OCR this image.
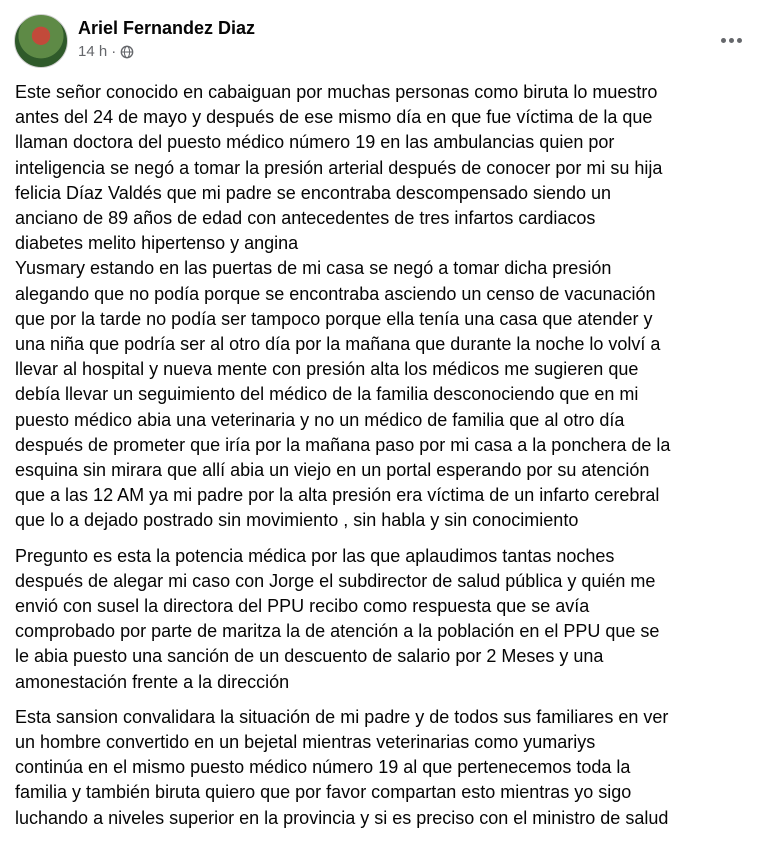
Ariel Fernandez Diaz
14 h ·

Este señor conocido en cabaiguan por muchas personas como biruta lo muestro
antes del 24 de mayo y después de ese mismo día en que fue víctima de la que
llaman doctora del puesto médico número 19 en las ambulancias quien por
inteligencia se negó a tomar la presión arterial después de conocer por mi su hija
felicia Díaz Valdés que mi padre se encontraba descompensado siendo un
anciano de 89 años de edad con antecedentes de tres infartos cardiacos
diabetes melito hipertenso y angina
Yusmary estando en las puertas de mi casa se negó a tomar dicha presión
alegando que no podía porque se encontraba asciendo un censo de vacunación
que por la tarde no podía ser tampoco porque ella tenía una casa que atender y
una niña que podría ser al otro día por la mañana que durante la noche lo volví a
llevar al hospital y nueva mente con presión alta los médicos me sugieren que
debía llevar un seguimiento del médico de la familia desconociendo que en mi
puesto médico abia una veterinaria y no un médico de familia que al otro día
después de prometer que iría por la mañana paso por mi casa a la ponchera de la
esquina sin mirara que allí abia un viejo en un portal esperando por su atención
que a las 12 AM ya mi padre por la alta presión era víctima de un infarto cerebral
que lo a dejado postrado sin movimiento , sin habla y sin conocimiento

Pregunto es esta la potencia médica por las que aplaudimos tantas noches
después de alegar mi caso con Jorge el subdirector de salud pública y quién me
envió con susel la directora del PPU recibo como respuesta que se avía
comprobado por parte de maritza la de atención a la población en el PPU que se
le abia puesto una sanción de un descuento de salario por 2 Meses y una
amonestación frente a la dirección

Esta sansion convalidara la situación de mi padre y de todos sus familiares en ver
un hombre convertido en un bejetal mientras veterinarias como yumariys
continúa en el mismo puesto médico número 19 al que pertenecemos toda la
familia y también biruta quiero que por favor compartan esto mientras yo sigo
luchando a niveles superior en la provincia y si es preciso con el ministro de salud
